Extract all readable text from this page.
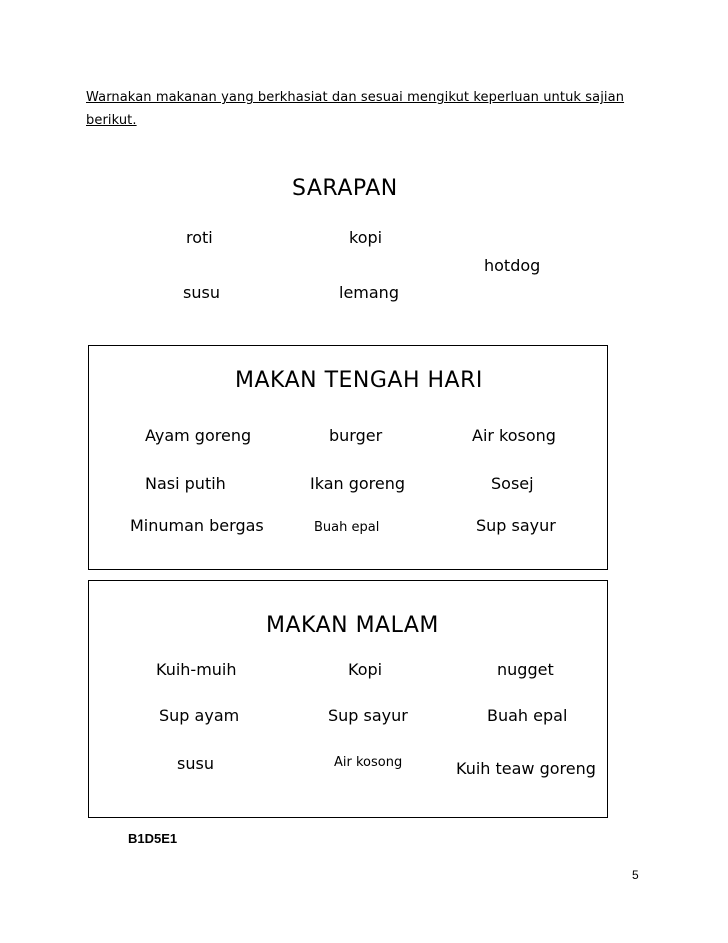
Warnakan makanan yang berkhasiat dan sesuai mengikut keperluan untuk sajian
berikut.
SARAPAN
roti	kopi
hotdog
susu	lemang
MAKAN TENGAH HARI
Ayam goreng	burger	Air kosong
Nasi putih	Ikan goreng	Sosej
Minuman bergas	Buah epal	Sup sayur
MAKAN MALAM
Kuih-muih	Kopi	nugget
Sup ayam	Sup sayur	Buah epal
susu	Air kosong	Kuih teaw goreng
B1D5E1
5
